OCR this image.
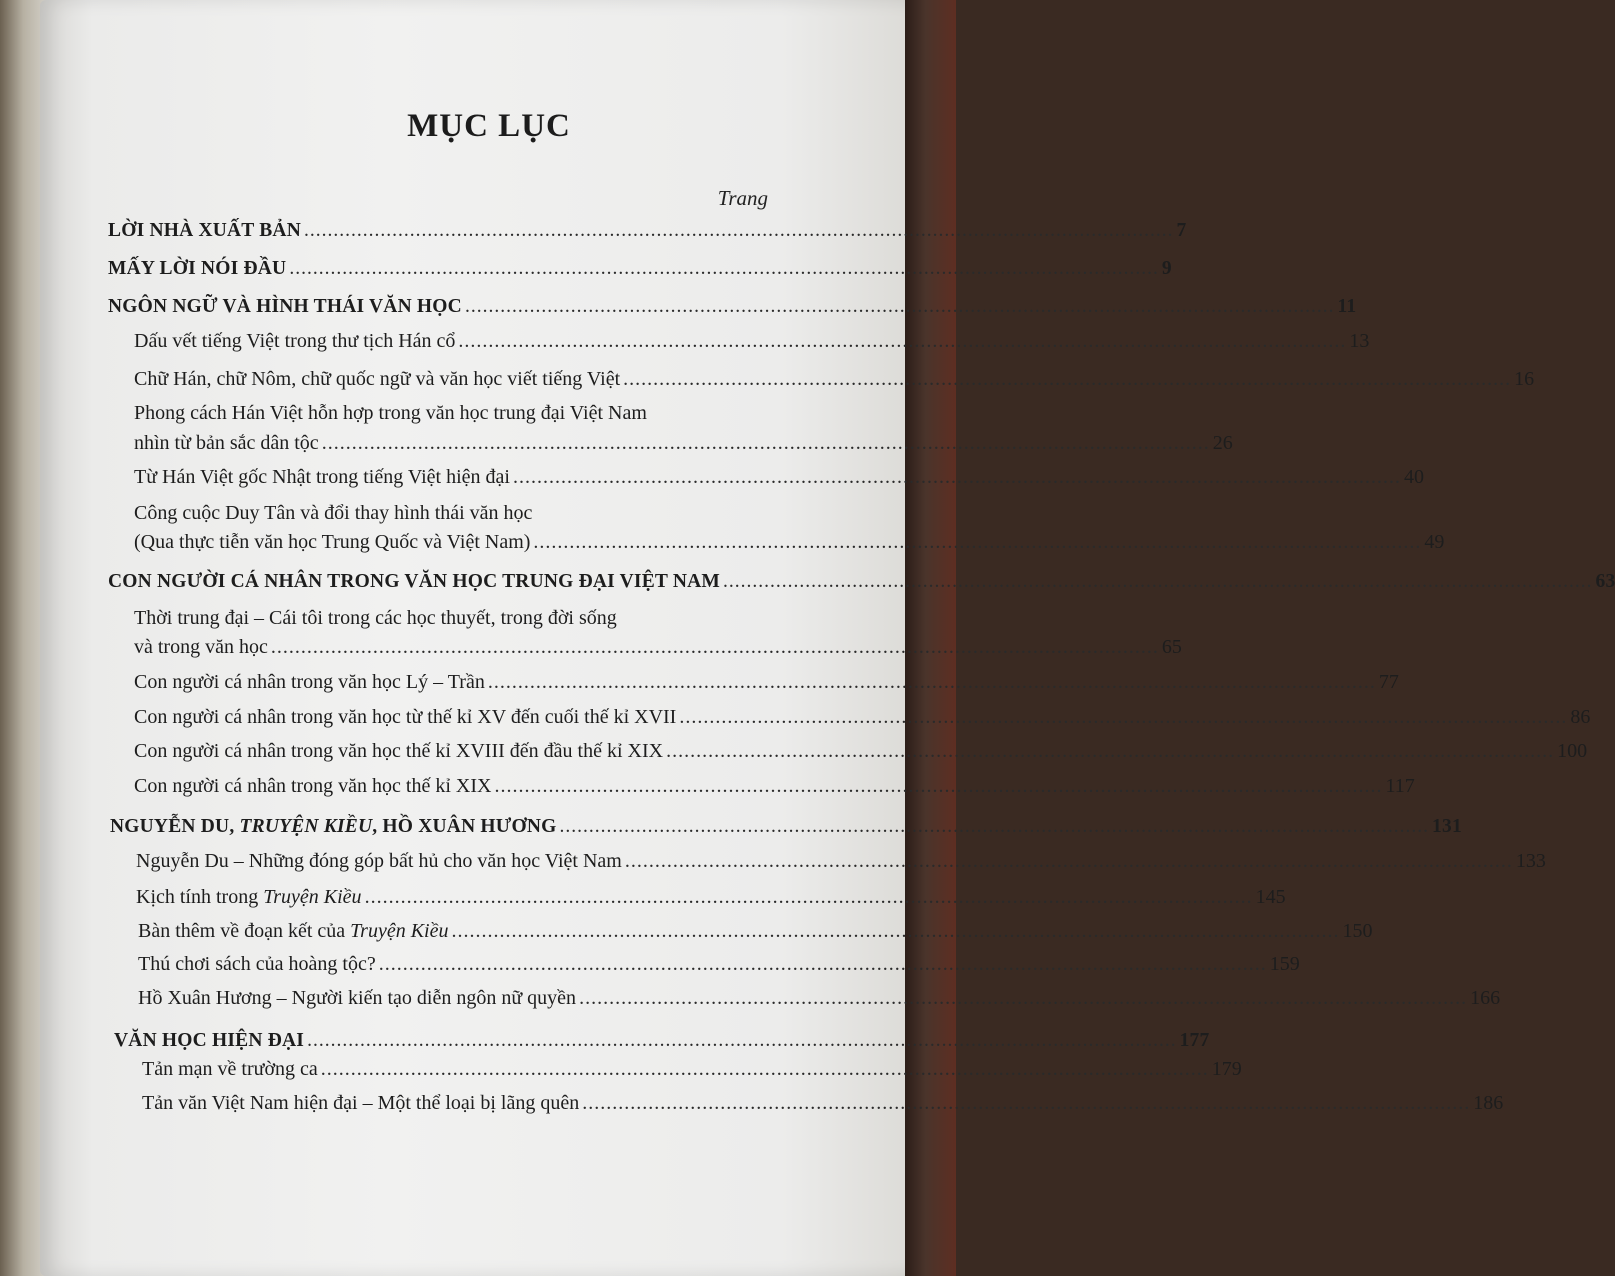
MỤC LỤC
Trang
LỜI NHÀ XUẤT BẢN .................................................................................................................................................... 7
MẤY LỜI NÓI ĐẦU .................................................................................................................................................... 9
NGÔN NGỮ VÀ HÌNH THÁI VĂN HỌC .................................................................................................................................................... 11
Dấu vết tiếng Việt trong thư tịch Hán cổ .................................................................................................................................................... 13
Chữ Hán, chữ Nôm, chữ quốc ngữ và văn học viết tiếng Việt .................................................................................................................................................... 16
Phong cách Hán Việt hỗn hợp trong văn học trung đại Việt Nam
nhìn từ bản sắc dân tộc .................................................................................................................................................... 26
Từ Hán Việt gốc Nhật trong tiếng Việt hiện đại .................................................................................................................................................... 40
Công cuộc Duy Tân và đổi thay hình thái văn học
(Qua thực tiễn văn học Trung Quốc và Việt Nam) .................................................................................................................................................... 49
CON NGƯỜI CÁ NHÂN TRONG VĂN HỌC TRUNG ĐẠI VIỆT NAM .................................................................................................................................................... 63
Thời trung đại – Cái tôi trong các học thuyết, trong đời sống
và trong văn học .................................................................................................................................................... 65
Con người cá nhân trong văn học Lý – Trần .................................................................................................................................................... 77
Con người cá nhân trong văn học từ thế kỉ XV đến cuối thế kỉ XVII .................................................................................................................................................... 86
Con người cá nhân trong văn học thế kỉ XVIII đến đầu thế kỉ XIX .................................................................................................................................................... 100
Con người cá nhân trong văn học thế kỉ XIX .................................................................................................................................................... 117
NGUYỄN DU, TRUYỆN KIỀU, HỒ XUÂN HƯƠNG .................................................................................................................................................... 131
Nguyễn Du – Những đóng góp bất hủ cho văn học Việt Nam .................................................................................................................................................... 133
Kịch tính trong Truyện Kiều .................................................................................................................................................... 145
Bàn thêm về đoạn kết của Truyện Kiều .................................................................................................................................................... 150
Thú chơi sách của hoàng tộc? .................................................................................................................................................... 159
Hồ Xuân Hương – Người kiến tạo diễn ngôn nữ quyền .................................................................................................................................................... 166
VĂN HỌC HIỆN ĐẠI .................................................................................................................................................... 177
Tản mạn về trường ca .................................................................................................................................................... 179
Tản văn Việt Nam hiện đại – Một thể loại bị lãng quên .................................................................................................................................................... 186
